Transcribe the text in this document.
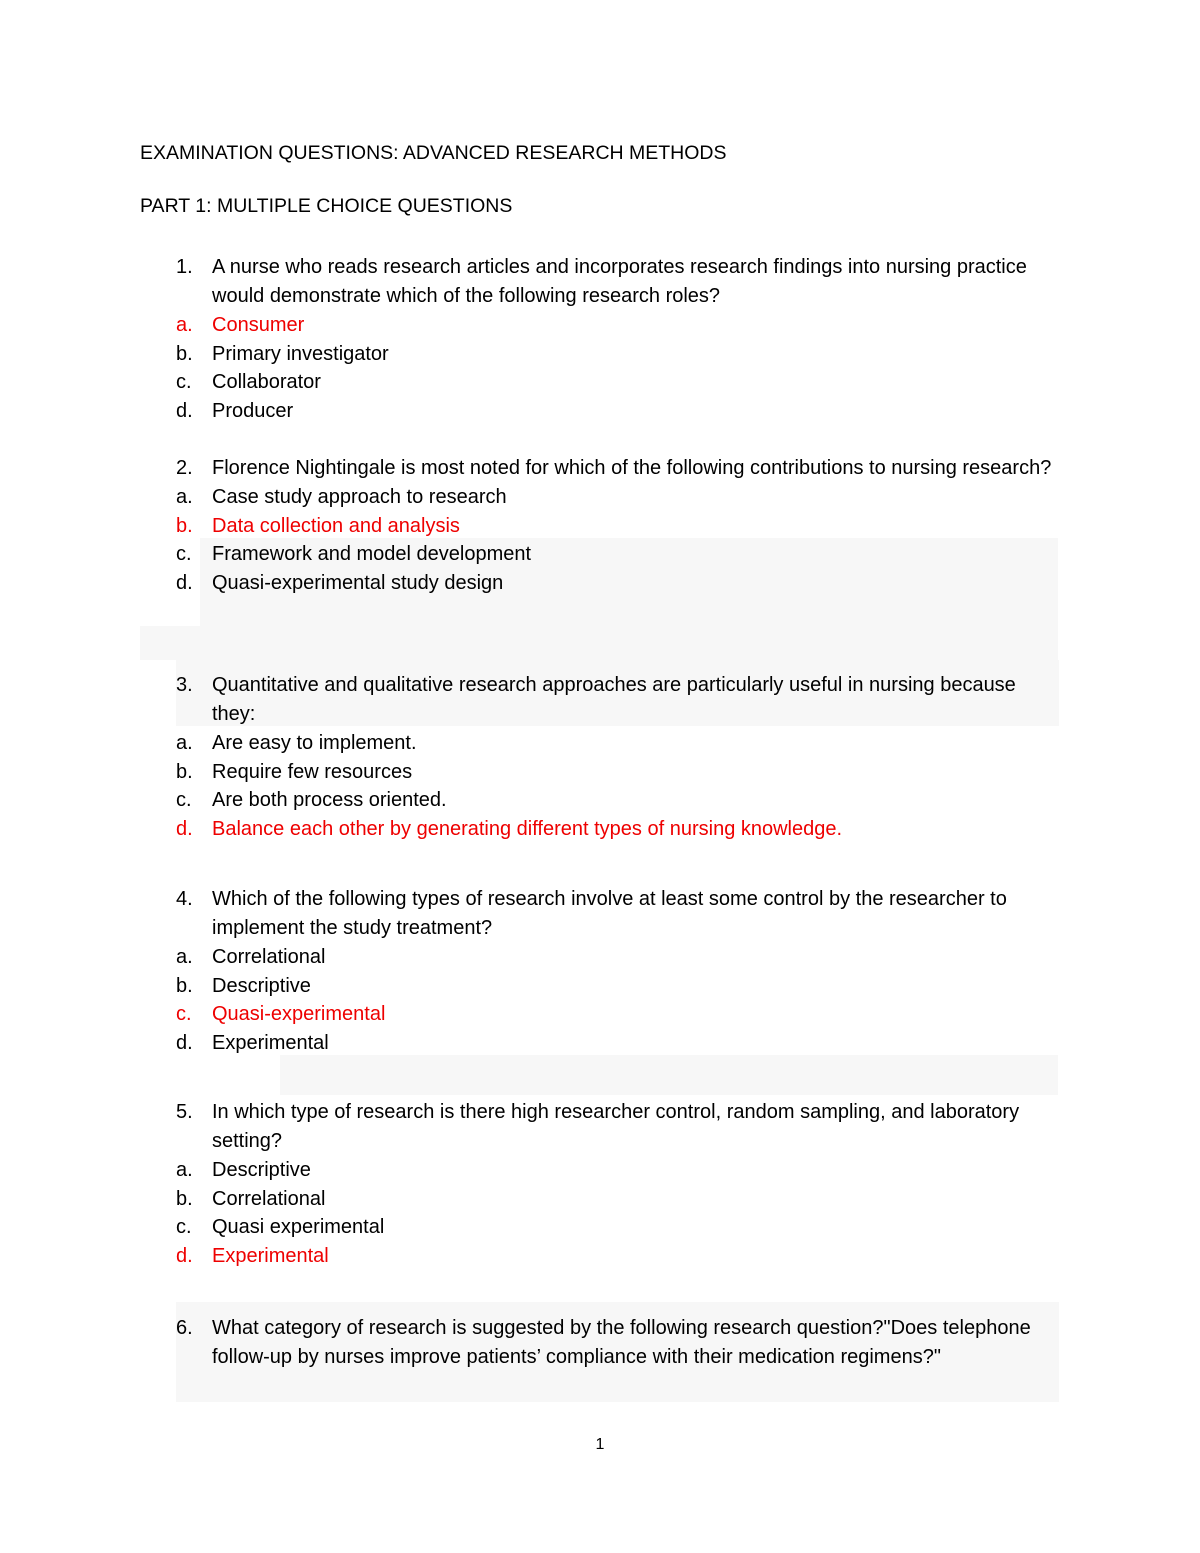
EXAMINATION QUESTIONS: ADVANCED RESEARCH METHODS
PART 1: MULTIPLE CHOICE QUESTIONS
1. A nurse who reads research articles and incorporates research findings into nursing practice would demonstrate which of the following research roles?
a. Consumer
b. Primary investigator
c. Collaborator
d. Producer
2. Florence Nightingale is most noted for which of the following contributions to nursing research?
a. Case study approach to research
b. Data collection and analysis
c. Framework and model development
d. Quasi-experimental study design
3. Quantitative and qualitative research approaches are particularly useful in nursing because they:
a. Are easy to implement.
b. Require few resources
c. Are both process oriented.
d. Balance each other by generating different types of nursing knowledge.
4. Which of the following types of research involve at least some control by the researcher to implement the study treatment?
a. Correlational
b. Descriptive
c. Quasi-experimental
d. Experimental
5. In which type of research is there high researcher control, random sampling, and laboratory setting?
a. Descriptive
b. Correlational
c. Quasi experimental
d. Experimental
6. What category of research is suggested by the following research question?"Does telephone follow-up by nurses improve patients’ compliance with their medication regimens?"
1
